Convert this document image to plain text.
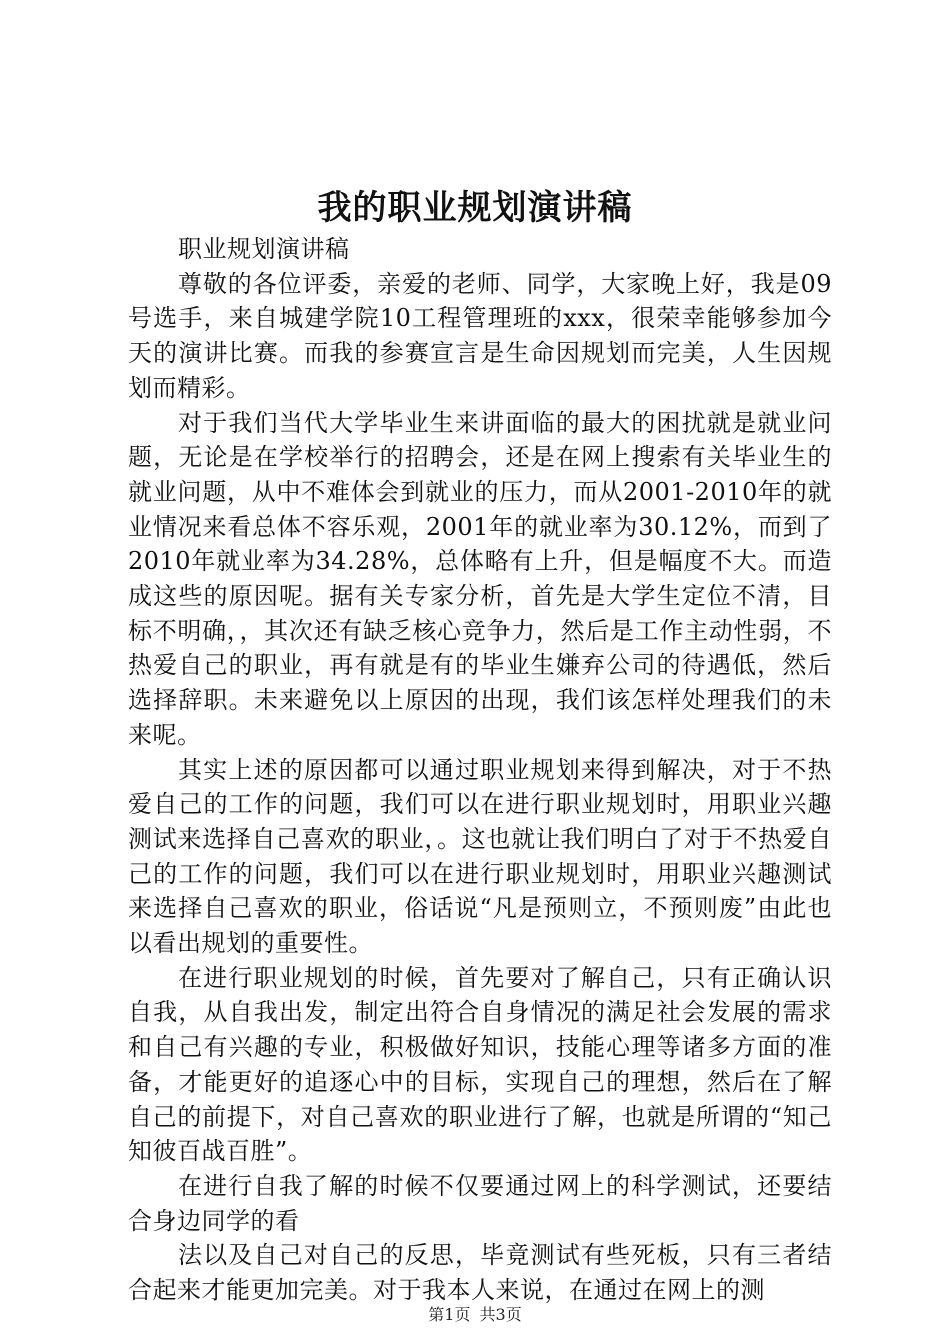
我的职业规划演讲稿

职业规划演讲稿

尊敬的各位评委，亲爱的老师、同学，大家晚上好，我是09号选手，来自城建学院10工程管理班的xxx，很荣幸能够参加今天的演讲比赛。而我的参赛宣言是生命因规划而完美，人生因规划而精彩。

对于我们当代大学毕业生来讲面临的最大的困扰就是就业问题，无论是在学校举行的招聘会，还是在网上搜索有关毕业生的就业问题，从中不难体会到就业的压力，而从2001-2010年的就业情况来看总体不容乐观，2001年的就业率为30.12%，而到了2010年就业率为34.28%，总体略有上升，但是幅度不大。而造成这些的原因呢。据有关专家分析，首先是大学生定位不清，目标不明确，，其次还有缺乏核心竞争力，然后是工作主动性弱，不热爱自己的职业，再有就是有的毕业生嫌弃公司的待遇低，然后选择辞职。未来避免以上原因的出现，我们该怎样处理我们的未来呢。

其实上述的原因都可以通过职业规划来得到解决，对于不热爱自己的工作的问题，我们可以在进行职业规划时，用职业兴趣测试来选择自己喜欢的职业，。这也就让我们明白了对于不热爱自己的工作的问题，我们可以在进行职业规划时，用职业兴趣测试来选择自己喜欢的职业，俗话说“凡是预则立，不预则废”由此也以看出规划的重要性。

在进行职业规划的时候，首先要对了解自己，只有正确认识自我，从自我出发，制定出符合自身情况的满足社会发展的需求和自己有兴趣的专业，积极做好知识，技能心理等诸多方面的准备，才能更好的追逐心中的目标，实现自己的理想，然后在了解自己的前提下，对自己喜欢的职业进行了解，也就是所谓的“知己知彼百战百胜”。

在进行自我了解的时候不仅要通过网上的科学测试，还要结合身边同学的看

法以及自己对自己的反思，毕竟测试有些死板，只有三者结合起来才能更加完美。对于我本人来说，在通过在网上的测

第1页 共3页
